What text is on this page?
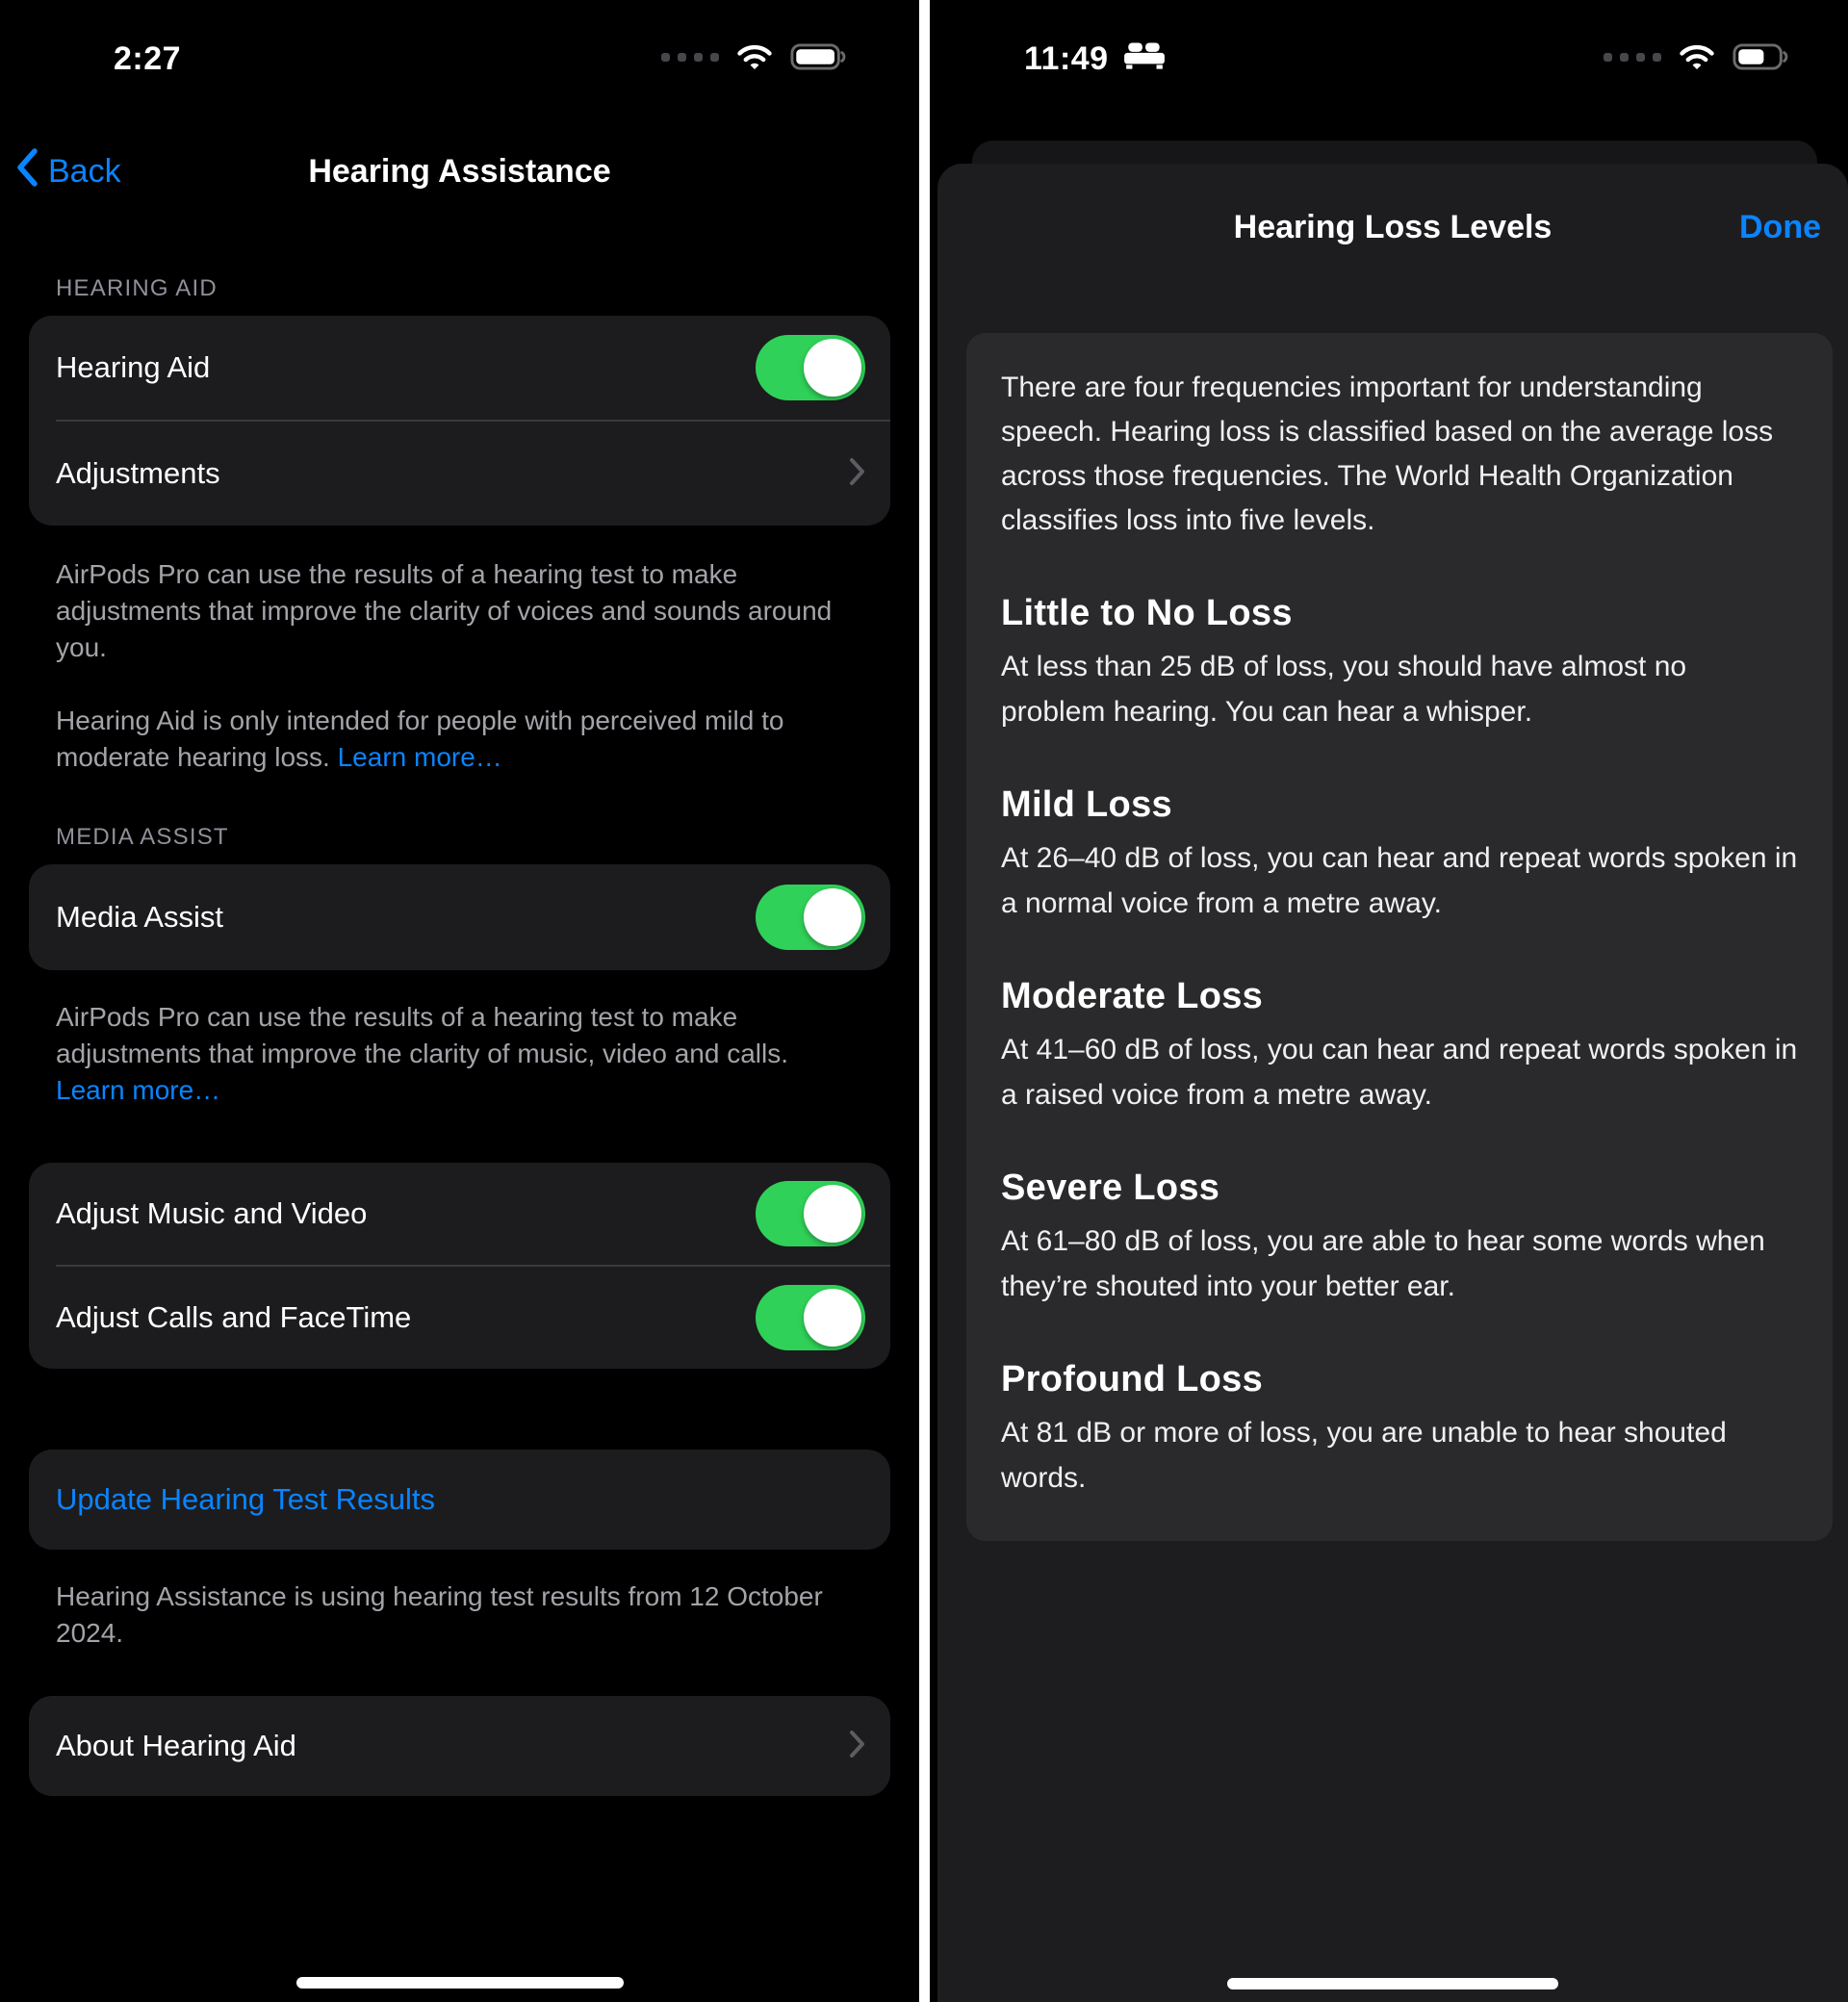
2:27
Back	Hearing Assistance
HEARING AID
Hearing Aid
Adjustments

AirPods Pro can use the results of a hearing test to make adjustments that improve the clarity of voices and sounds around you.

Hearing Aid is only intended for people with perceived mild to moderate hearing loss. Learn more…

MEDIA ASSIST
Media Assist

AirPods Pro can use the results of a hearing test to make adjustments that improve the clarity of music, video and calls. Learn more…

Adjust Music and Video
Adjust Calls and FaceTime
Update Hearing Test Results

Hearing Assistance is using hearing test results from 12 October 2024.

About Hearing Aid
11:49
Hearing Loss Levels	Done

There are four frequencies important for understanding speech. Hearing loss is classified based on the average loss across those frequencies. The World Health Organization classifies loss into five levels.

Little to No Loss

At less than 25 dB of loss, you should have almost no problem hearing. You can hear a whisper.

Mild Loss

At 26–40 dB of loss, you can hear and repeat words spoken in a normal voice from a metre away.

Moderate Loss

At 41–60 dB of loss, you can hear and repeat words spoken in a raised voice from a metre away.

Severe Loss

At 61–80 dB of loss, you are able to hear some words when they’re shouted into your better ear.

Profound Loss

At 81 dB or more of loss, you are unable to hear shouted words.
